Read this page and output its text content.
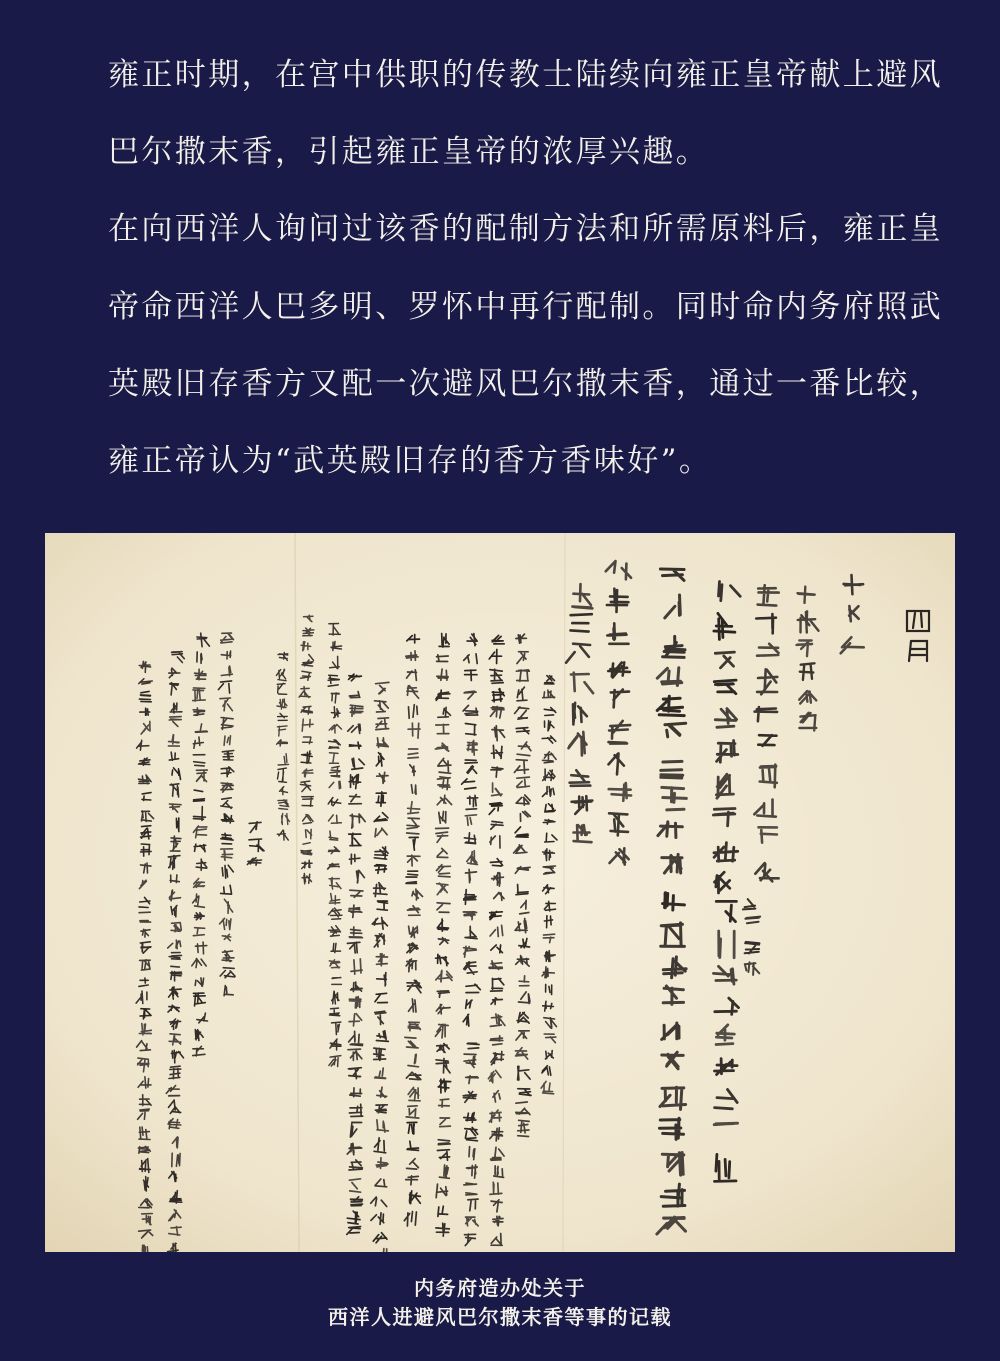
雍正时期，在宫中供职的传教士陆续向雍正皇帝献上避风
巴尔撒末香，引起雍正皇帝的浓厚兴趣。
在向西洋人询问过该香的配制方法和所需原料后，雍正皇
帝命西洋人巴多明、罗怀中再行配制。同时命内务府照武
英殿旧存香方又配一次避风巴尔撒末香，通过一番比较，
雍正帝认为“武英殿旧存的香方香味好”。
内务府造办处关于
西洋人进避风巴尔撒末香等事的记载
